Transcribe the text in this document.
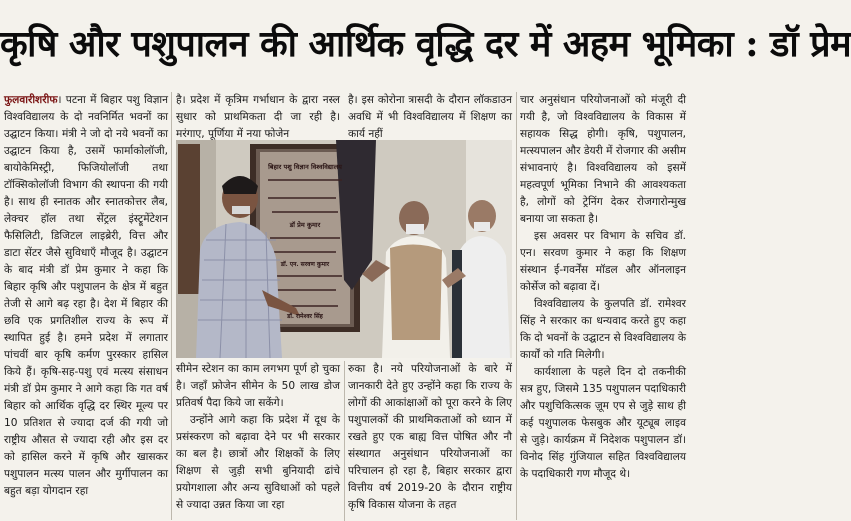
कृषि और पशुपालन की आर्थिक वृद्धि दर में अहम भूमिका : डॉ प्रेम

फुलवारीशरीफ। पटना में बिहार पशु विज्ञान विश्वविद्यालय के दो नवनिर्मित भवनों का उद्घाटन किया। मंत्री ने जो दो नये भवनों का उद्घाटन किया है, उसमें फार्माकोलॉजी, बायोकेमिस्ट्री, फिजियोलॉजी तथा टॉक्सिकोलॉजी विभाग की स्थापना की गयी है। साथ ही स्नातक और स्नातकोत्तर लैब, लेक्चर हॉल तथा सेंट्रल इंस्ट्रूमेंटेशन फैसिलिटी, डिजिटल लाइब्रेरी, वित्त और डाटा सेंटर जैसे सुविधाएँ मौजूद है। उद्घाटन के बाद मंत्री डॉ प्रेम कुमार ने कहा कि बिहार कृषि और पशुपालन के क्षेत्र में बहुत तेजी से आगे बढ़ रहा है। देश में बिहार की छवि एक प्रगतिशील राज्य के रूप में स्थापित हुई है। हमने प्रदेश में लगातार पांचवीं बार कृषि कर्मण पुरस्कार हासिल किये हैं। कृषि-सह-पशु एवं मत्स्य संसाधन मंत्री डॉ प्रेम कुमार ने आगे कहा कि गत वर्ष बिहार को आर्थिक वृद्धि दर स्थिर मूल्य पर 10 प्रतिशत से ज्यादा दर्ज की गयी जो राष्ट्रीय औसत से ज्यादा रही और इस दर को हासिल करने में कृषि और खासकर पशुपालन मत्स्य पालन और मुर्गीपालन का बहुत बड़ा योगदान रहा

है। प्रदेश में कृत्रिम गर्भाधान के द्वारा नस्ल सुधार को प्राथमिकता दी जा रही है। मरंगाए, पूर्णिया में नया फोजेन

है। इस कोरोना त्रासदी के दौरान लॉकडाउन अवधि में भी विश्वविद्यालय में शिक्षण का कार्य नहीं

बिहार पशु विज्ञान विश्वविद्यालय
डॉ प्रेम कुमार
डॉ. एन. सरवण कुमार
डॉ. रामेश्वर सिंह

सीमेन स्टेशन का काम लगभग पूर्ण हो चुका है। जहाँ फ्रोजेन सीमेन के 50 लाख डोज प्रतिवर्ष पैदा किये जा सकेंगे।

उन्होंने आगे कहा कि प्रदेश में दूध के प्रसंस्करण को बढ़ावा देने पर भी सरकार का बल है। छात्रों और शिक्षकों के लिए शिक्षण से जुड़ी सभी बुनियादी ढांचे प्रयोगशाला और अन्य सुविधाओं को पहले से ज्यादा उन्नत किया जा रहा

रुका है। नये परियोजनाओं के बारे में जानकारी देते हुए उन्होंने कहा कि राज्य के लोगों की आकांक्षाओं को पूरा करने के लिए पशुपालकों की प्राथमिकताओं को ध्यान में रखते हुए एक बाह्य वित्त पोषित और नौ संस्थागत अनुसंधान परियोजनाओं का परिचालन हो रहा है, बिहार सरकार द्वारा वित्तीय वर्ष 2019-20 के दौरान राष्ट्रीय कृषि विकास योजना के तहत

चार अनुसंधान परियोजनाओं को मंजूरी दी गयी है, जो विश्वविद्यालय के विकास में सहायक सिद्ध होगी। कृषि, पशुपालन, मत्स्यपालन और डेयरी में रोजगार की असीम संभावनाएं है। विश्वविद्यालय को इसमें महत्वपूर्ण भूमिका निभाने की आवश्यकता है, लोगों को ट्रेनिंग देकर रोजगारोन्मुख बनाया जा सकता है।

इस अवसर पर विभाग के सचिव डॉ. एन। सरवण कुमार ने कहा कि शिक्षण संस्थान ई-गवर्नेंस मॉडल और ऑनलाइन कोर्सेज को बढ़ावा दें।

विश्वविद्यालय के कुलपति डॉ. रामेश्वर सिंह ने सरकार का धन्यवाद करते हुए कहा कि दो भवनों के उद्घाटन से विश्वविद्यालय के कार्यों को गति मिलेगी।

कार्यशाला के पहले दिन दो तकनीकी सत्र हुए, जिसमे 135 पशुपालन पदाधिकारी और पशुचिकित्सक ज़ूम एप से जुड़े साथ ही कई पशुपालक फेसबुक और यूट्यूब लाइव से जुड़े। कार्यक्रम में निदेशक पशुपालन डॉ। विनोद सिंह गुंजियाल सहित विश्वविद्यालय के पदाधिकारी गण मौजूद थे।
